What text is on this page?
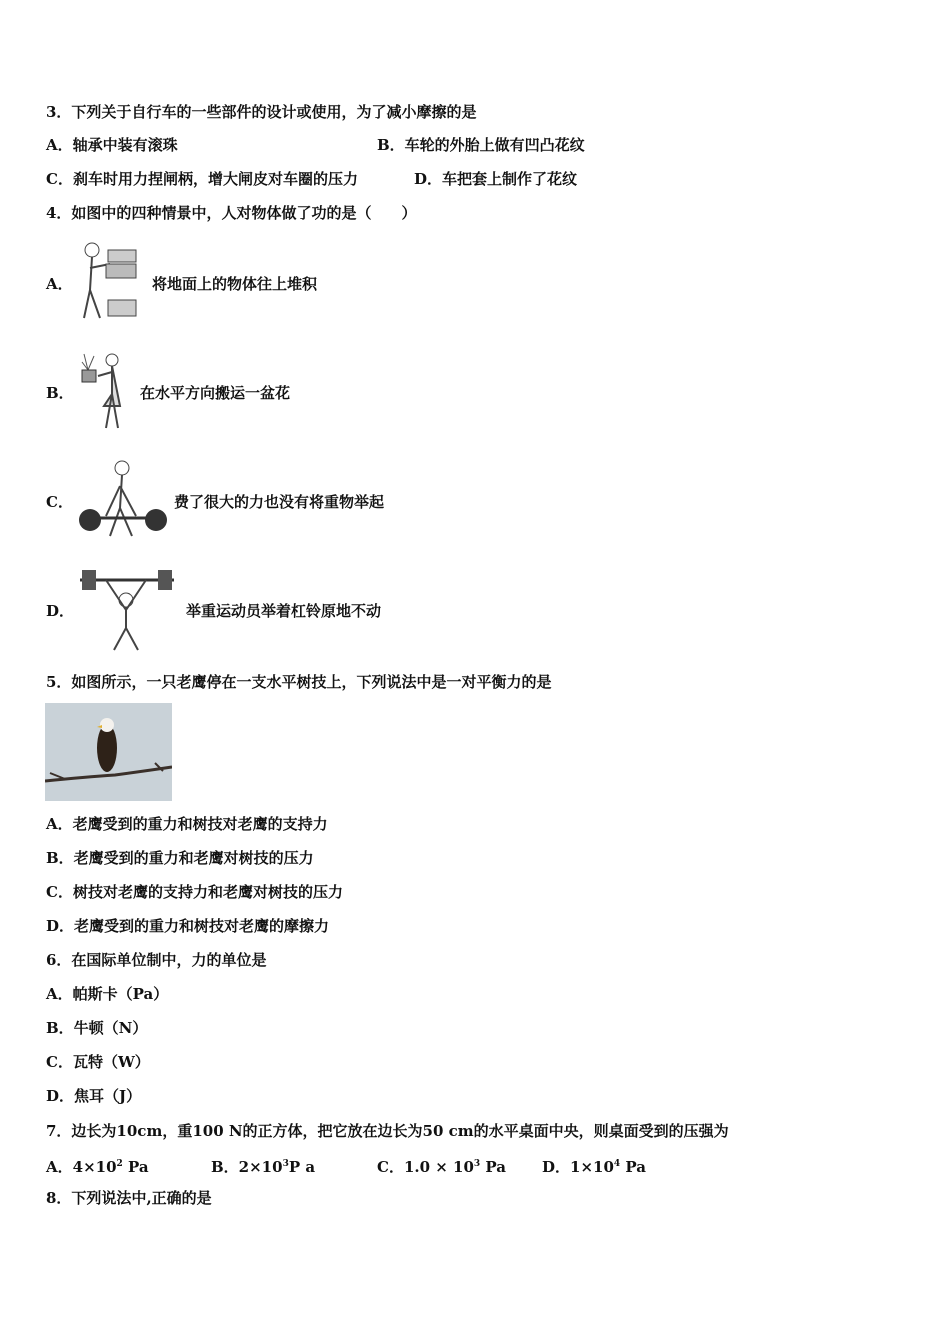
3．下列关于自行车的一些部件的设计或使用，为了减小摩擦的是
A．轴承中装有滚珠	B．车轮的外胎上做有凹凸花纹
C．刹车时用力捏闸柄，增大闸皮对车圈的压力	D．车把套上制作了花纹
4．如图中的四种情景中，人对物体做了功的是（　　）
A．	将地面上的物体往上堆积
B．	在水平方向搬运一盆花
C．	费了很大的力也没有将重物举起
D．	举重运动员举着杠铃原地不动
5．如图所示，一只老鹰停在一支水平树技上，下列说法中是一对平衡力的是
A．老鹰受到的重力和树技对老鹰的支持力
B．老鹰受到的重力和老鹰对树技的压力
C．树技对老鹰的支持力和老鹰对树技的压力
D．老鹰受到的重力和树技对老鹰的摩擦力
6．在国际单位制中，力的单位是
A．帕斯卡（Pa）
B．牛顿（N）
C．瓦特（W）
D．焦耳（J）
7．边长为10cm，重100 N的正方体，把它放在边长为50 cm的水平桌面中央，则桌面受到的压强为
A．$4\times 10^2$ Pa	B．$2\times 10^3P$ a	C．$1.0 \times 10^3$ Pa D．$1\times 10^4$ Pa
8．下列说法中,正确的是
